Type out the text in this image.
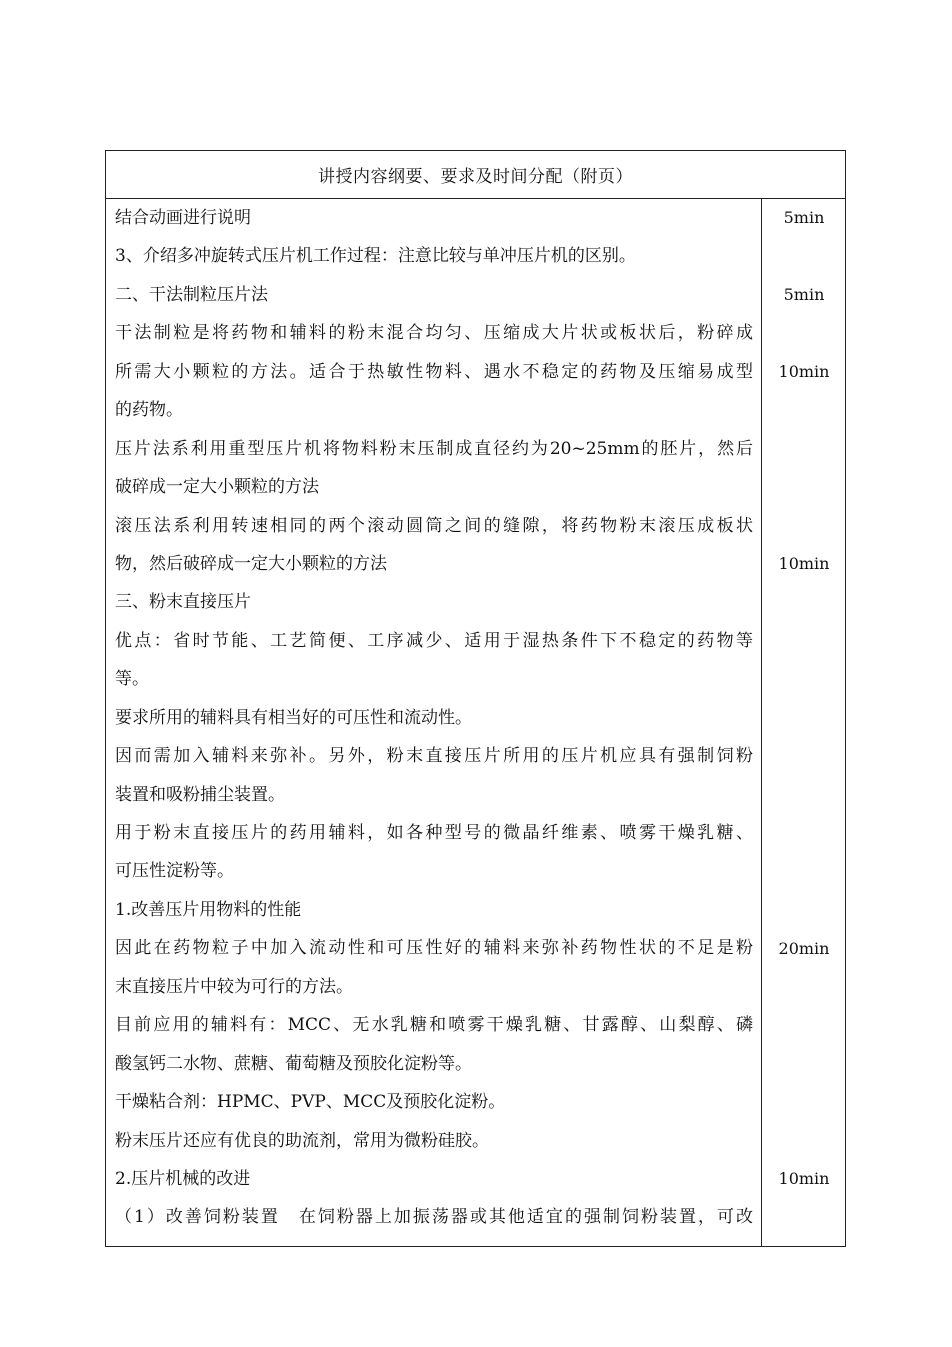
讲授内容纲要、要求及时间分配（附页）
结合动画进行说明
3、介绍多冲旋转式压片机工作过程：注意比较与单冲压片机的区别。
二、干法制粒压片法
干法制粒是将药物和辅料的粉末混合均匀、压缩成大片状或板状后，粉碎成
所需大小颗粒的方法。适合于热敏性物料、遇水不稳定的药物及压缩易成型
的药物。
压片法系利用重型压片机将物料粉末压制成直径约为20~25mm的胚片，然后
破碎成一定大小颗粒的方法
滚压法系利用转速相同的两个滚动圆筒之间的缝隙，将药物粉末滚压成板状
物，然后破碎成一定大小颗粒的方法
三、粉末直接压片
优点：省时节能、工艺简便、工序减少、适用于湿热条件下不稳定的药物等
等。
要求所用的辅料具有相当好的可压性和流动性。
因而需加入辅料来弥补。另外，粉末直接压片所用的压片机应具有强制饲粉
装置和吸粉捕尘装置。
用于粉末直接压片的药用辅料，如各种型号的微晶纤维素、喷雾干燥乳糖、
可压性淀粉等。
1.改善压片用物料的性能
因此在药物粒子中加入流动性和可压性好的辅料来弥补药物性状的不足是粉
末直接压片中较为可行的方法。
目前应用的辅料有：MCC、无水乳糖和喷雾干燥乳糖、甘露醇、山梨醇、磷
酸氢钙二水物、蔗糖、葡萄糖及预胶化淀粉等。
干燥粘合剂：HPMC、PVP、MCC及预胶化淀粉。
粉末压片还应有优良的助流剂，常用为微粉硅胶。
2.压片机械的改进
（1）改善饲粉装置　在饲粉器上加振荡器或其他适宜的强制饲粉装置，可改
5min
5min
10min
10min
20min
10min
